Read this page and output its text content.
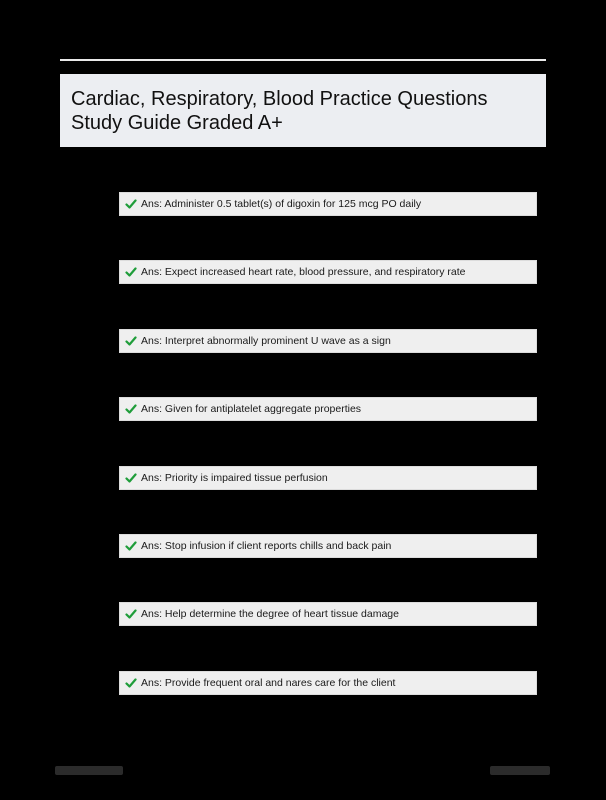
Cardiac, Respiratory, Blood Practice Questions
Study Guide Graded A+
Ans: Administer 0.5 tablet(s) of digoxin for 125 mcg PO daily
Ans: Expect increased heart rate, blood pressure, and respiratory rate
Ans: Interpret abnormally prominent U wave as a sign
Ans: Given for antiplatelet aggregate properties
Ans: Priority is impaired tissue perfusion
Ans: Stop infusion if client reports chills and back pain
Ans: Help determine the degree of heart tissue damage
Ans: Provide frequent oral and nares care for the client
